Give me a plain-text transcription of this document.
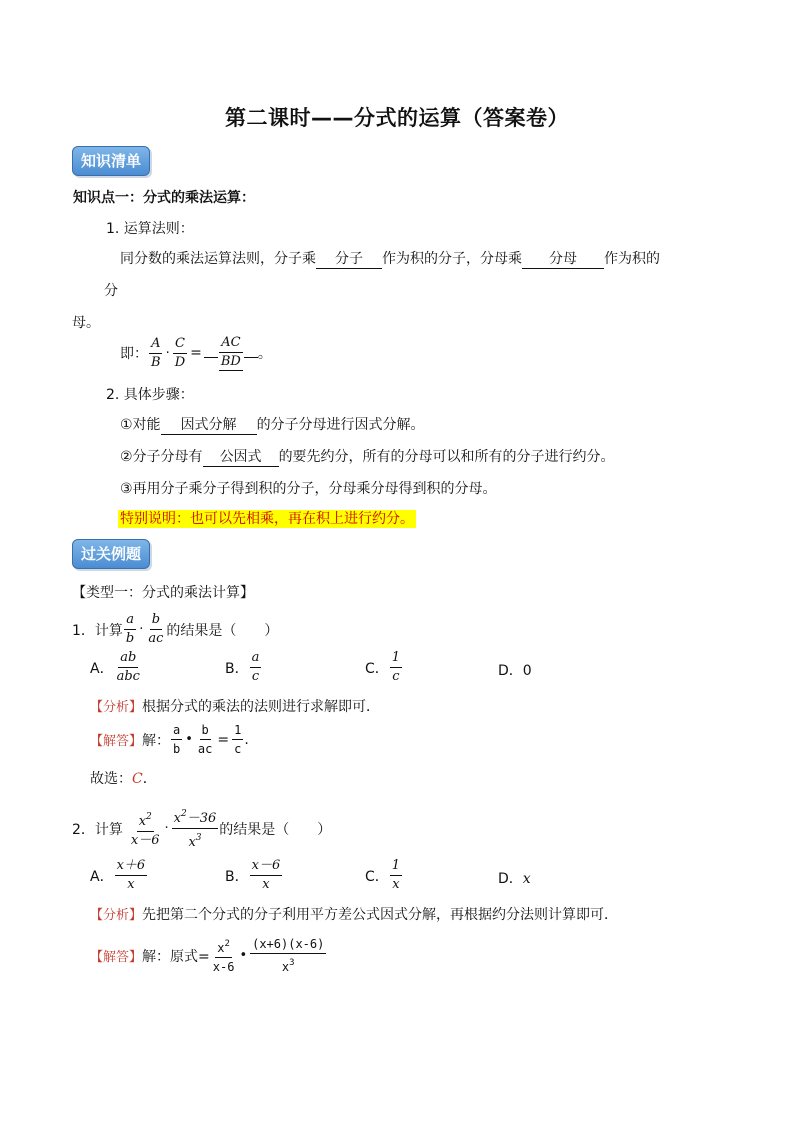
第二课时——分式的运算（答案卷）
知识清单
知识点一：分式的乘法运算：
1. 运算法则：
同分数的乘法运算法则，分子乘 分子 作为积的分子，分母乘 分母 作为积的
分
母。
即： $\frac{A}{B} \cdot \frac{C}{D} = \frac{AC}{BD}$ 。
2. 具体步骤：
①对能 因式分解 的分子分母进行因式分解。
②分子分母有 公因式 的要先约分，所有的分母可以和所有的分子进行约分。
③再用分子乘分子得到积的分子，分母乘分母得到积的分母。
特别说明：也可以先相乘，再在积上进行约分。
过关例题
【类型一：分式的乘法计算】
1．计算 $\frac{a}{b} \cdot \frac{b}{ac}$ 的结果是（　　）
A． $\frac{ab}{\text{abc}}$	B． $\frac{a}{c}$	C． $\frac{1}{c}$	D．0
【分析】根据分式的乘法的法则进行求解即可．
【解答】 解： $\frac{a}{b}$ • $\frac{b}{ac} = \frac{1}{c}$ .
故选：C．
2．计算 $\frac{x^2}{x-6} \cdot \frac{x^2-36}{x^3}$ 的结果是（　　）
A． $\frac{x+6}{x}$	B． $\frac{x-6}{x}$	C． $\frac{1}{x}$	D．x
【分析】先把第二个分式的分子利用平方差公式因式分解，再根据约分法则计算即可．
【解答】 解：原式= $\frac{x^2}{x-6}$ • $\frac{(x+6)(x-6)}{x^3}$
